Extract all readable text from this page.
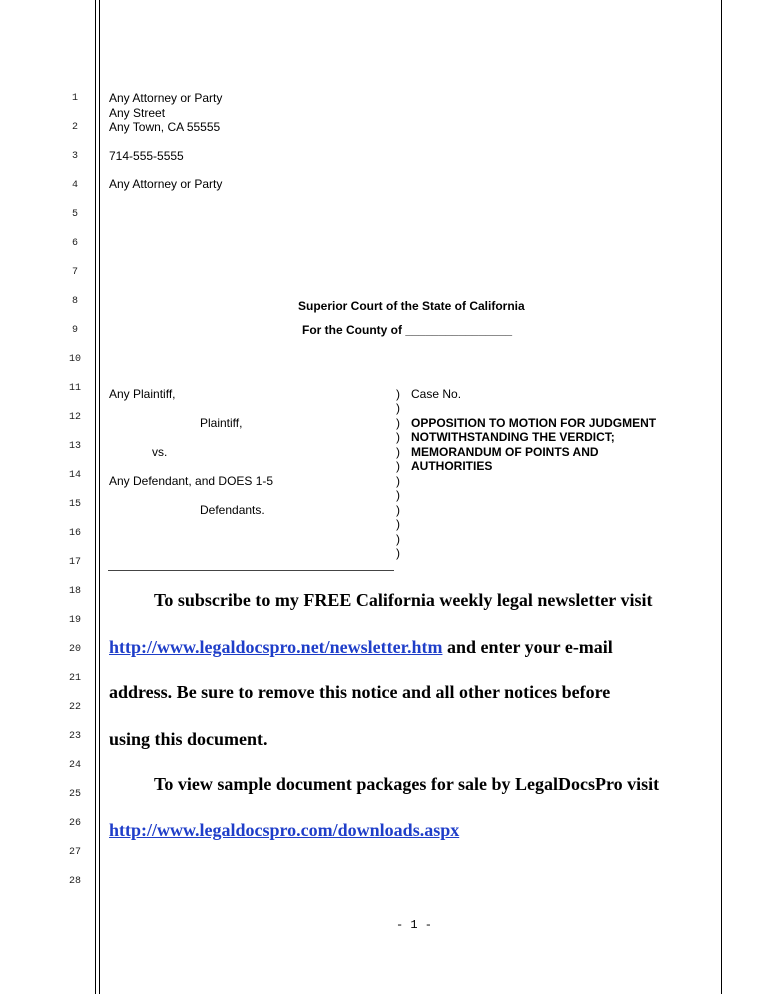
1
2
3
4
5
6
7
8
9
10
11
12
13
14
15
16
17
18
19
20
21
22
23
24
25
26
27
28
Any Attorney or Party
Any Street
Any Town, CA 55555
714-555-5555
Any Attorney or Party
Superior Court of the State of California
For the County of ________________
Any Plaintiff,
Plaintiff,
vs.
Any Defendant, and DOES 1-5
Defendants.
)
)
)
)
)
)
)
)
)
)
)
)
Case No.
OPPOSITION TO MOTION FOR JUDGMENT
NOTWITHSTANDING THE VERDICT;
MEMORANDUM OF POINTS AND
AUTHORITIES
To subscribe to my FREE California weekly legal newsletter visit
http://www.legaldocspro.net/newsletter.htm and enter your e-mail
address. Be sure to remove this notice and all other notices before
using this document.
To view sample document packages for sale by LegalDocsPro visit
http://www.legaldocspro.com/downloads.aspx
- 1 -
